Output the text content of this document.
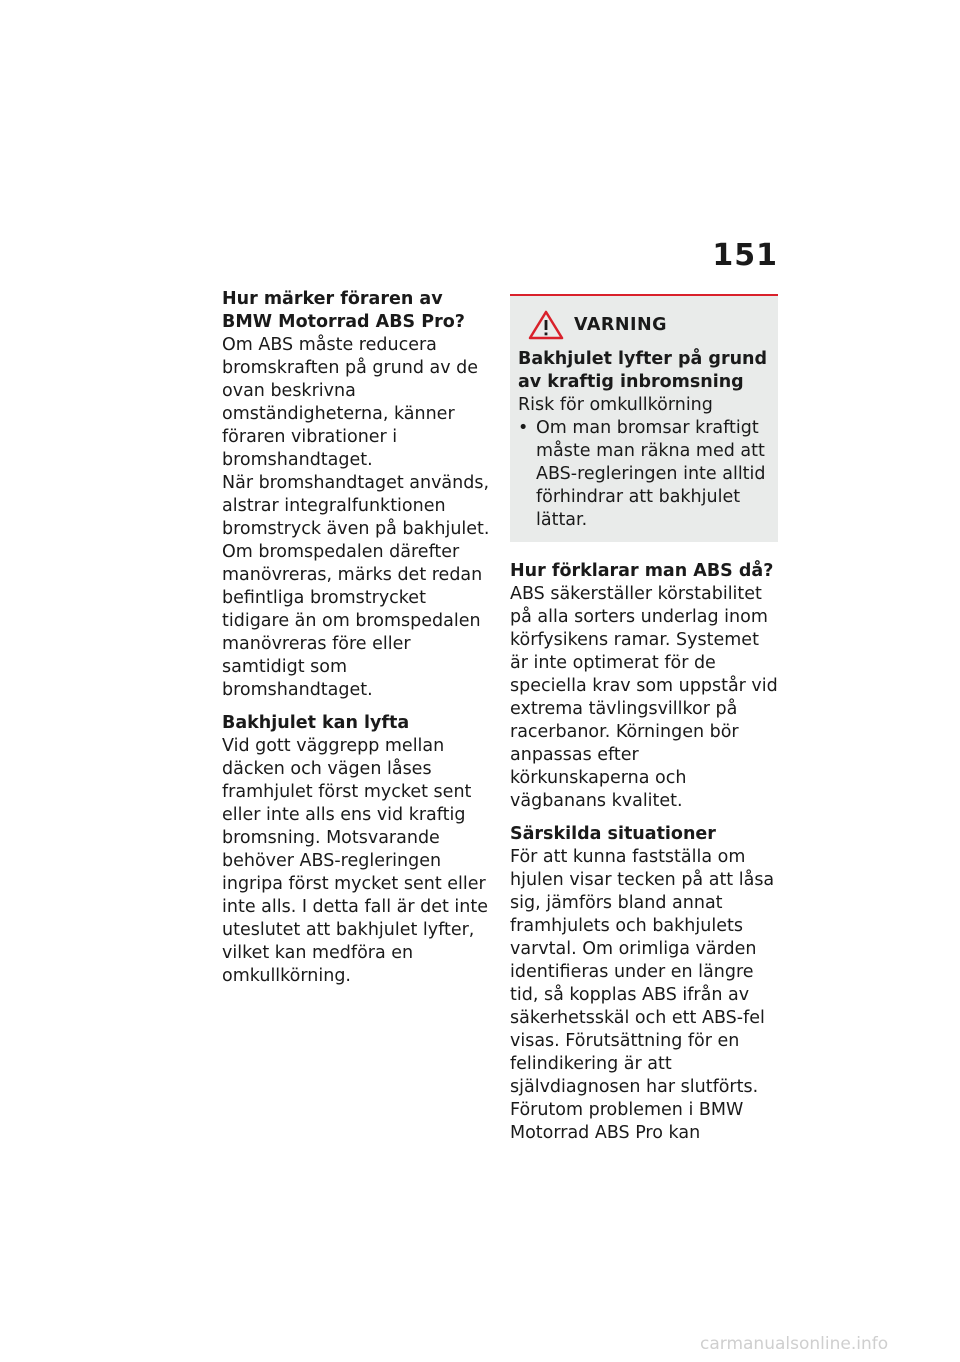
151

Hur märker föraren av BMW Motorrad ABS Pro?

Om ABS måste reducera bromskraften på grund av de ovan beskrivna omständigheterna, känner föraren vibrationer i bromshandtaget.

När bromshandtaget används, alstrar integralfunktionen bromstryck även på bakhjulet. Om bromspedalen därefter manövreras, märks det redan befintliga bromstrycket tidigare än om bromspedalen manövreras före eller samtidigt som bromshandtaget.

Bakhjulet kan lyfta

Vid gott väggrepp mellan däcken och vägen låses framhjulet först mycket sent eller inte alls ens vid kraftig bromsning. Motsvarande behöver ABS-regleringen ingripa först mycket sent eller inte alls. I detta fall är det inte uteslutet att bakhjulet lyfter, vilket kan medföra en omkullkörning.

VARNING

Bakhjulet lyfter på grund av kraftig inbromsning

Risk för omkullkörning

• Om man bromsar kraftigt måste man räkna med att ABS-regleringen inte alltid förhindrar att bakhjulet lättar.

Hur förklarar man ABS då?

ABS säkerställer körstabilitet på alla sorters underlag inom körfysikens ramar. Systemet är inte optimerat för de speciella krav som uppstår vid extrema tävlingsvillkor på racerbanor. Körningen bör anpassas efter körkunskaperna och vägbanans kvalitet.

Särskilda situationer

För att kunna fastställa om hjulen visar tecken på att låsa sig, jämförs bland annat framhjulets och bakhjulets varvtal. Om orimliga värden identifieras under en längre tid, så kopplas ABS ifrån av säkerhetsskäl och ett ABS-fel visas. Förutsättning för en felindikering är att självdiagnosen har slutförts.

Förutom problemen i BMW Motorrad ABS Pro kan

carmanualsonline.info
